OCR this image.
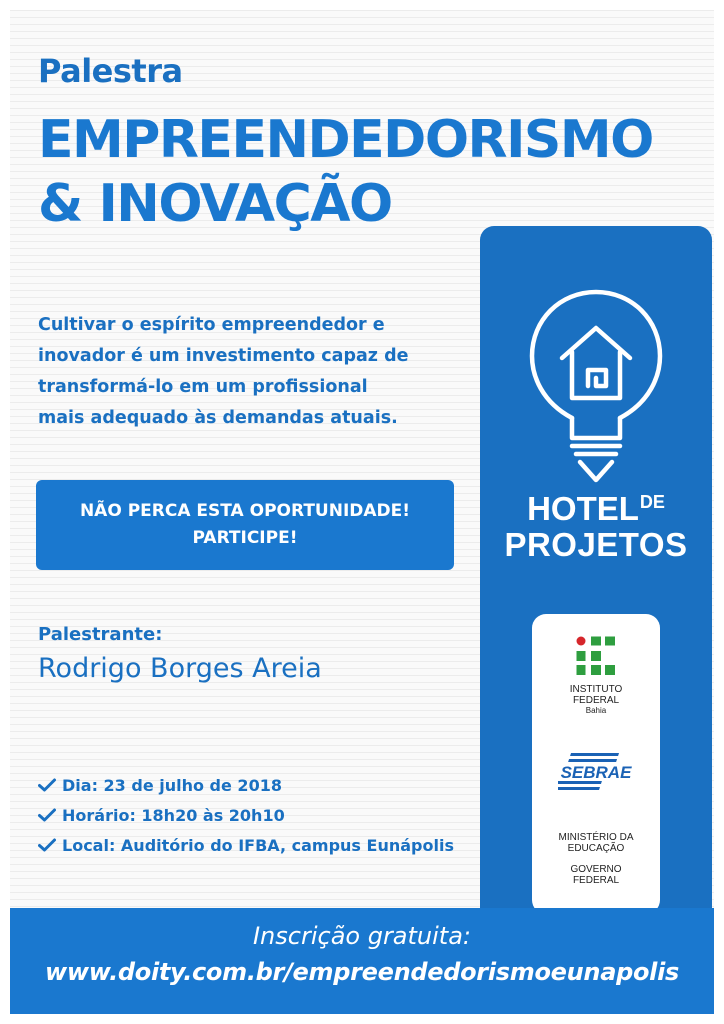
Palestra
EMPREENDEDORISMO
& INOVAÇÃO

Cultivar o espírito empreendedor e
inovador é um investimento capaz de
transformá-lo em um profissional
mais adequado às demandas atuais.

NÃO PERCA ESTA OPORTUNIDADE!
PARTICIPE!

Palestrante:

Rodrigo Borges Areia

Dia: 23 de julho de 2018
Horário: 18h20 às 20h10
Local: Auditório do IFBA, campus Eunápolis
$HOTEL^{DE}$
PROJETOS
INSTITUTO
FEDERAL
Bahia
SEBRAE
MINISTÉRIO DA
EDUCAÇÃO
GOVERNO
FEDERAL
Inscrição gratuita:
www.doity.com.br/empreendedorismoeunapolis
